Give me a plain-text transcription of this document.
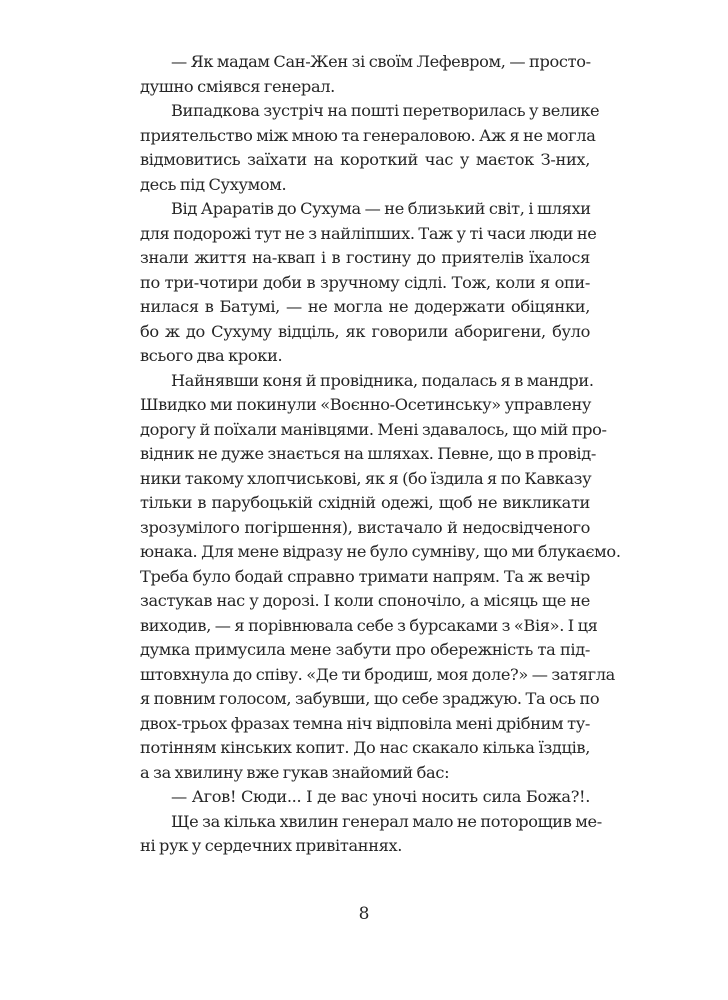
— Як мадам Сан-Жен зі своїм Лефевром, — просто-
душно сміявся генерал.
Випадкова зустріч на пошті перетворилась у велике
приятельство між мною та генераловою. Аж я не могла
відмовитись заїхати на короткий час у маєток З-них,
десь під Сухумом.
Від Араратів до Сухума — не близький світ, і шляхи
для подорожі тут не з найліпших. Таж у ті часи люди не
знали життя на-квап і в гостину до приятелів їхалося
по три-чотири доби в зручному сідлі. Тож, коли я опи-
нилася в Батумі, — не могла не додержати обіцянки,
бо ж до Сухуму відціль, як говорили аборигени, було
всього два кроки.
Найнявши коня й провідника, подалась я в мандри.
Швидко ми покинули «Воєнно-Осетинську» управлену
дорогу й поїхали манівцями. Мені здавалось, що мій про-
відник не дуже знається на шляхах. Певне, що в провід-
ники такому хлопчиськові, як я (бо їздила я по Кавказу
тільки в парубоцькій східній одежі, щоб не викликати
зрозумілого погіршення), вистачало й недосвідченого
юнака. Для мене відразу не було сумніву, що ми блукаємо.
Треба було бодай справно тримати напрям. Та ж вечір
застукав нас у дорозі. І коли споночіло, а місяць ще не
виходив, — я порівнювала себе з бурсаками з «Вія». І ця
думка примусила мене забути про обережність та під-
штовхнула до співу. «Де ти бродиш, моя доле?» — затягла
я повним голосом, забувши, що себе зраджую. Та ось по
двох-трьох фразах темна ніч відповіла мені дрібним ту-
потінням кінських копит. До нас скакало кілька їздців,
а за хвилину вже гукав знайомий бас:
— Агов! Сюди... І де вас уночі носить сила Божа?!.
Ще за кілька хвилин генерал мало не поторощив ме-
ні рук у сердечних привітаннях.
8
